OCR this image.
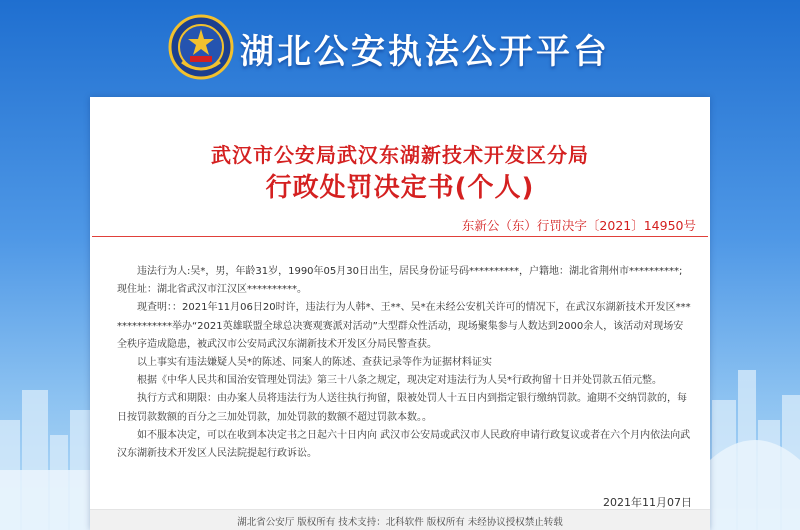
湖北公安执法公开平台
武汉市公安局武汉东湖新技术开发区分局
行政处罚决定书(个人)
东新公（东）行罚决字〔2021〕14950号

违法行为人:吴*，男，年龄31岁，1990年05月30日出生，居民身份证号码**********，户籍地：湖北省荆州市**********;现住址：湖北省武汉市江汉区**********。

现查明：：2021年11月06日20时许，违法行为人韩*、王**、吴*在未经公安机关许可的情况下，在武汉东湖新技术开发区**************举办“2021英雄联盟全球总决赛观赛派对活动”大型群众性活动，现场聚集参与人数达到2000余人，该活动对现场安全秩序造成隐患，被武汉市公安局武汉东湖新技术开发区分局民警查获。

以上事实有违法嫌疑人吴*的陈述、同案人的陈述、查获记录等作为证据材料证实

根据《中华人民共和国治安管理处罚法》第三十八条之规定，现决定对违法行为人吴*行政拘留十日并处罚款五佰元整。

执行方式和期限：由办案人员将违法行为人送往执行拘留，限被处罚人十五日内到指定银行缴纳罚款。逾期不交纳罚款的，每日按罚款数额的百分之三加处罚款，加处罚款的数额不超过罚款本数。。

如不服本决定，可以在收到本决定书之日起六十日内向 武汉市公安局或武汉市人民政府申请行政复议或者在六个月内依法向武汉东湖新技术开发区人民法院提起行政诉讼。

2021年11月07日
湖北省公安厅 版权所有 技术支持：北科软件 版权所有 未经协议授权禁止转载
